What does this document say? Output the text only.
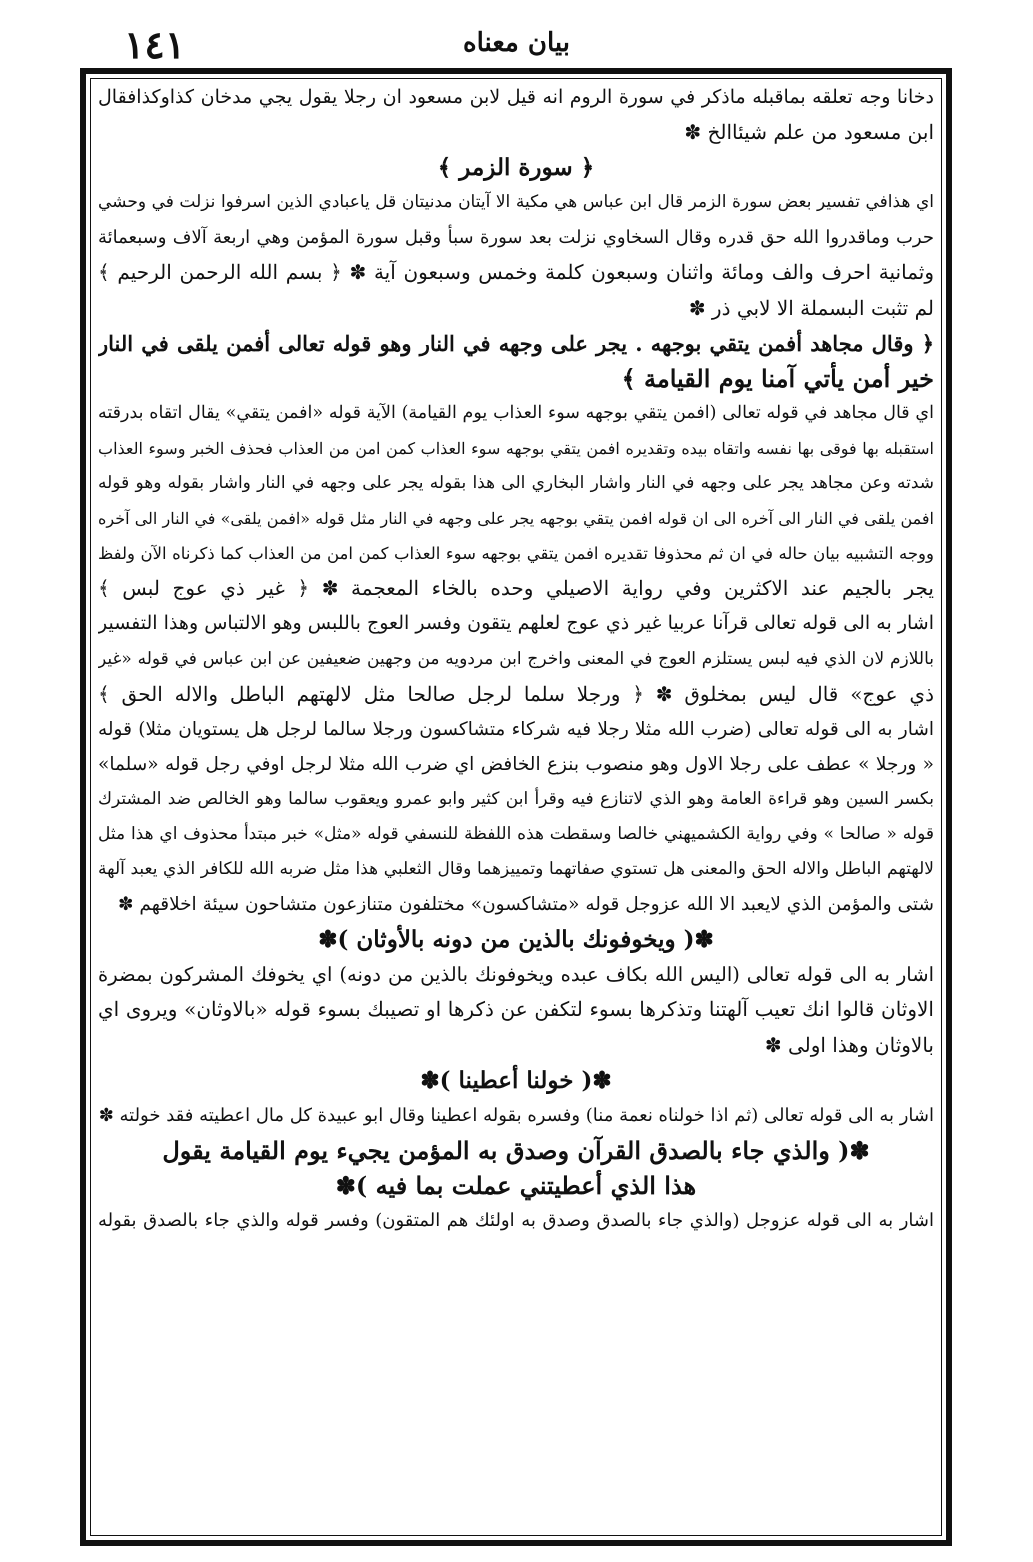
١٤١	بيان معناه
دخانا وجه تعلقه بماقبله ماذكر في سورة الروم انه قيل لابن مسعود ان رجلا يقول يجي مدخان كذاوكذافقال
ابن مسعود من علم شيئاالخ ✽
﴿ سورة الزمر ﴾
اي هذافي تفسير بعض سورة الزمر قال ابن عباس هي مكية الا آيتان مدنيتان قل ياعبادي الذين اسرفوا نزلت في وحشي
حرب وماقدروا الله حق قدره وقال السخاوي نزلت بعد سورة سبأ وقبل سورة المؤمن وهي اربعة آلاف وسبعمائة
وثمانية احرف والف ومائة واثنان وسبعون كلمة وخمس وسبعون آية ✽ ﴿ بسم الله الرحمن الرحيم ﴾
لم تثبت البسملة الا لابي ذر ✽
﴿ وقال مجاهد أفمن يتقي بوجهه . يجر على وجهه في النار وهو قوله تعالى أفمن يلقى في النار
خير أمن يأتي آمنا يوم القيامة ﴾
اي قال مجاهد في قوله تعالى (افمن يتقي بوجهه سوء العذاب يوم القيامة) الآية قوله «افمن يتقي» يقال اتقاه بدرقته
استقبله بها فوقى بها نفسه واتقاه بيده وتقديره افمن يتقي بوجهه سوء العذاب كمن امن من العذاب فحذف الخبر وسوء العذاب
شدته وعن مجاهد يجر على وجهه في النار واشار البخاري الى هذا بقوله يجر على وجهه في النار واشار بقوله وهو قوله
افمن يلقى في النار الى آخره الى ان قوله افمن يتقي بوجهه يجر على وجهه في النار مثل قوله «افمن يلقى» في النار الى آخره
ووجه التشبيه بيان حاله في ان ثم محذوفا تقديره افمن يتقي بوجهه سوء العذاب كمن امن من العذاب كما ذكرناه الآن ولفظ
يجر بالجيم عند الاكثرين وفي رواية الاصيلي وحده بالخاء المعجمة ✽ ﴿ غير ذي عوج لبس ﴾
اشار به الى قوله تعالى قرآنا عربيا غير ذي عوج لعلهم يتقون وفسر العوج باللبس وهو الالتباس وهذا التفسير
باللازم لان الذي فيه لبس يستلزم العوج في المعنى واخرج ابن مردويه من وجهين ضعيفين عن ابن عباس في قوله «غير
ذي عوج» قال ليس بمخلوق ✽ ﴿ ورجلا سلما لرجل صالحا مثل لالهتهم الباطل والاله الحق ﴾
اشار به الى قوله تعالى (ضرب الله مثلا رجلا فيه شركاء متشاكسون ورجلا سالما لرجل هل يستويان مثلا) قوله
« ورجلا » عطف على رجلا الاول وهو منصوب بنزع الخافض اي ضرب الله مثلا لرجل اوفي رجل قوله «سلما»
بكسر السين وهو قراءة العامة وهو الذي لاتنازع فيه وقرأ ابن كثير وابو عمرو ويعقوب سالما وهو الخالص ضد المشترك
قوله « صالحا » وفي رواية الكشميهني خالصا وسقطت هذه اللفظة للنسفي قوله «مثل» خبر مبتدأ محذوف اي هذا مثل
لالهتهم الباطل والاله الحق والمعنى هل تستوي صفاتهما وتمييزهما وقال الثعلبي هذا مثل ضربه الله للكافر الذي يعبد آلهة
شتى والمؤمن الذي لايعبد الا الله عزوجل قوله «متشاكسون» مختلفون متنازعون متشاحون سيئة اخلاقهم ✽
✽( ويخوفونك بالذين من دونه بالأوثان )✽
اشار به الى قوله تعالى (اليس الله بكاف عبده ويخوفونك بالذين من دونه) اي يخوفك المشركون بمضرة
الاوثان قالوا انك تعيب آلهتنا وتذكرها بسوء لتكفن عن ذكرها او تصيبك بسوء قوله «بالاوثان» ويروى اي
بالاوثان وهذا اولى ✽
✽( خولنا أعطينا )✽
اشار به الى قوله تعالى (ثم اذا خولناه نعمة منا) وفسره بقوله اعطينا وقال ابو عبيدة كل مال اعطيته فقد خولته ✽
✽( والذي جاء بالصدق القرآن وصدق به المؤمن يجيء يوم القيامة يقول
هذا الذي أعطيتني عملت بما فيه )✽
اشار به الى قوله عزوجل (والذي جاء بالصدق وصدق به اولئك هم المتقون) وفسر قوله والذي جاء بالصدق بقوله
